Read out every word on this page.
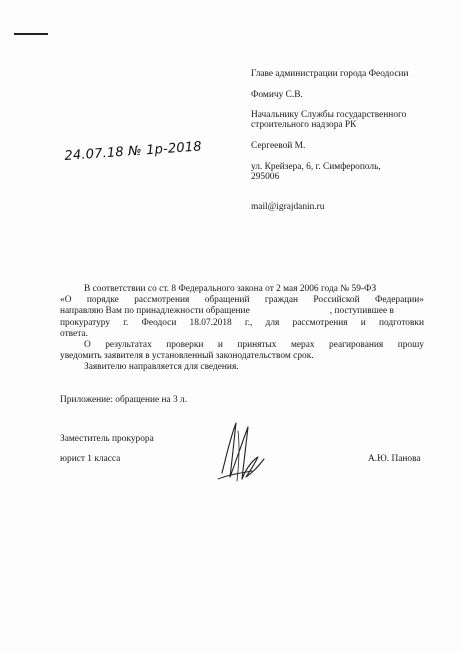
Главе администрации города Феодосии
Фомичу С.В.
Начальнику Службы государственного
строительного надзора РК
Сергеевой М.
ул. Крейзера, 6, г. Симферополь,
295006
mail@igrajdanin.ru
24.07.18 № 1р-2018

В соответствии со ст. 8 Федерального закона от 2 мая 2006 года № 59-ФЗ

«О порядке рассмотрения обращений граждан Российской Федерации»

направляю Вам по принадлежности обращение	, поступившее в

прокуратуру г. Феодоси 18.07.2018 г., для рассмотрения и подготовки

ответа.

О результатах проверки и принятых мерах реагирования прошу

уведомить заявителя в установленный законодательством срок.

Заявителю направляется для сведения.

Приложение: обращение на 3 л.
Заместитель прокурора
юрист 1 класса	А.Ю. Панова
